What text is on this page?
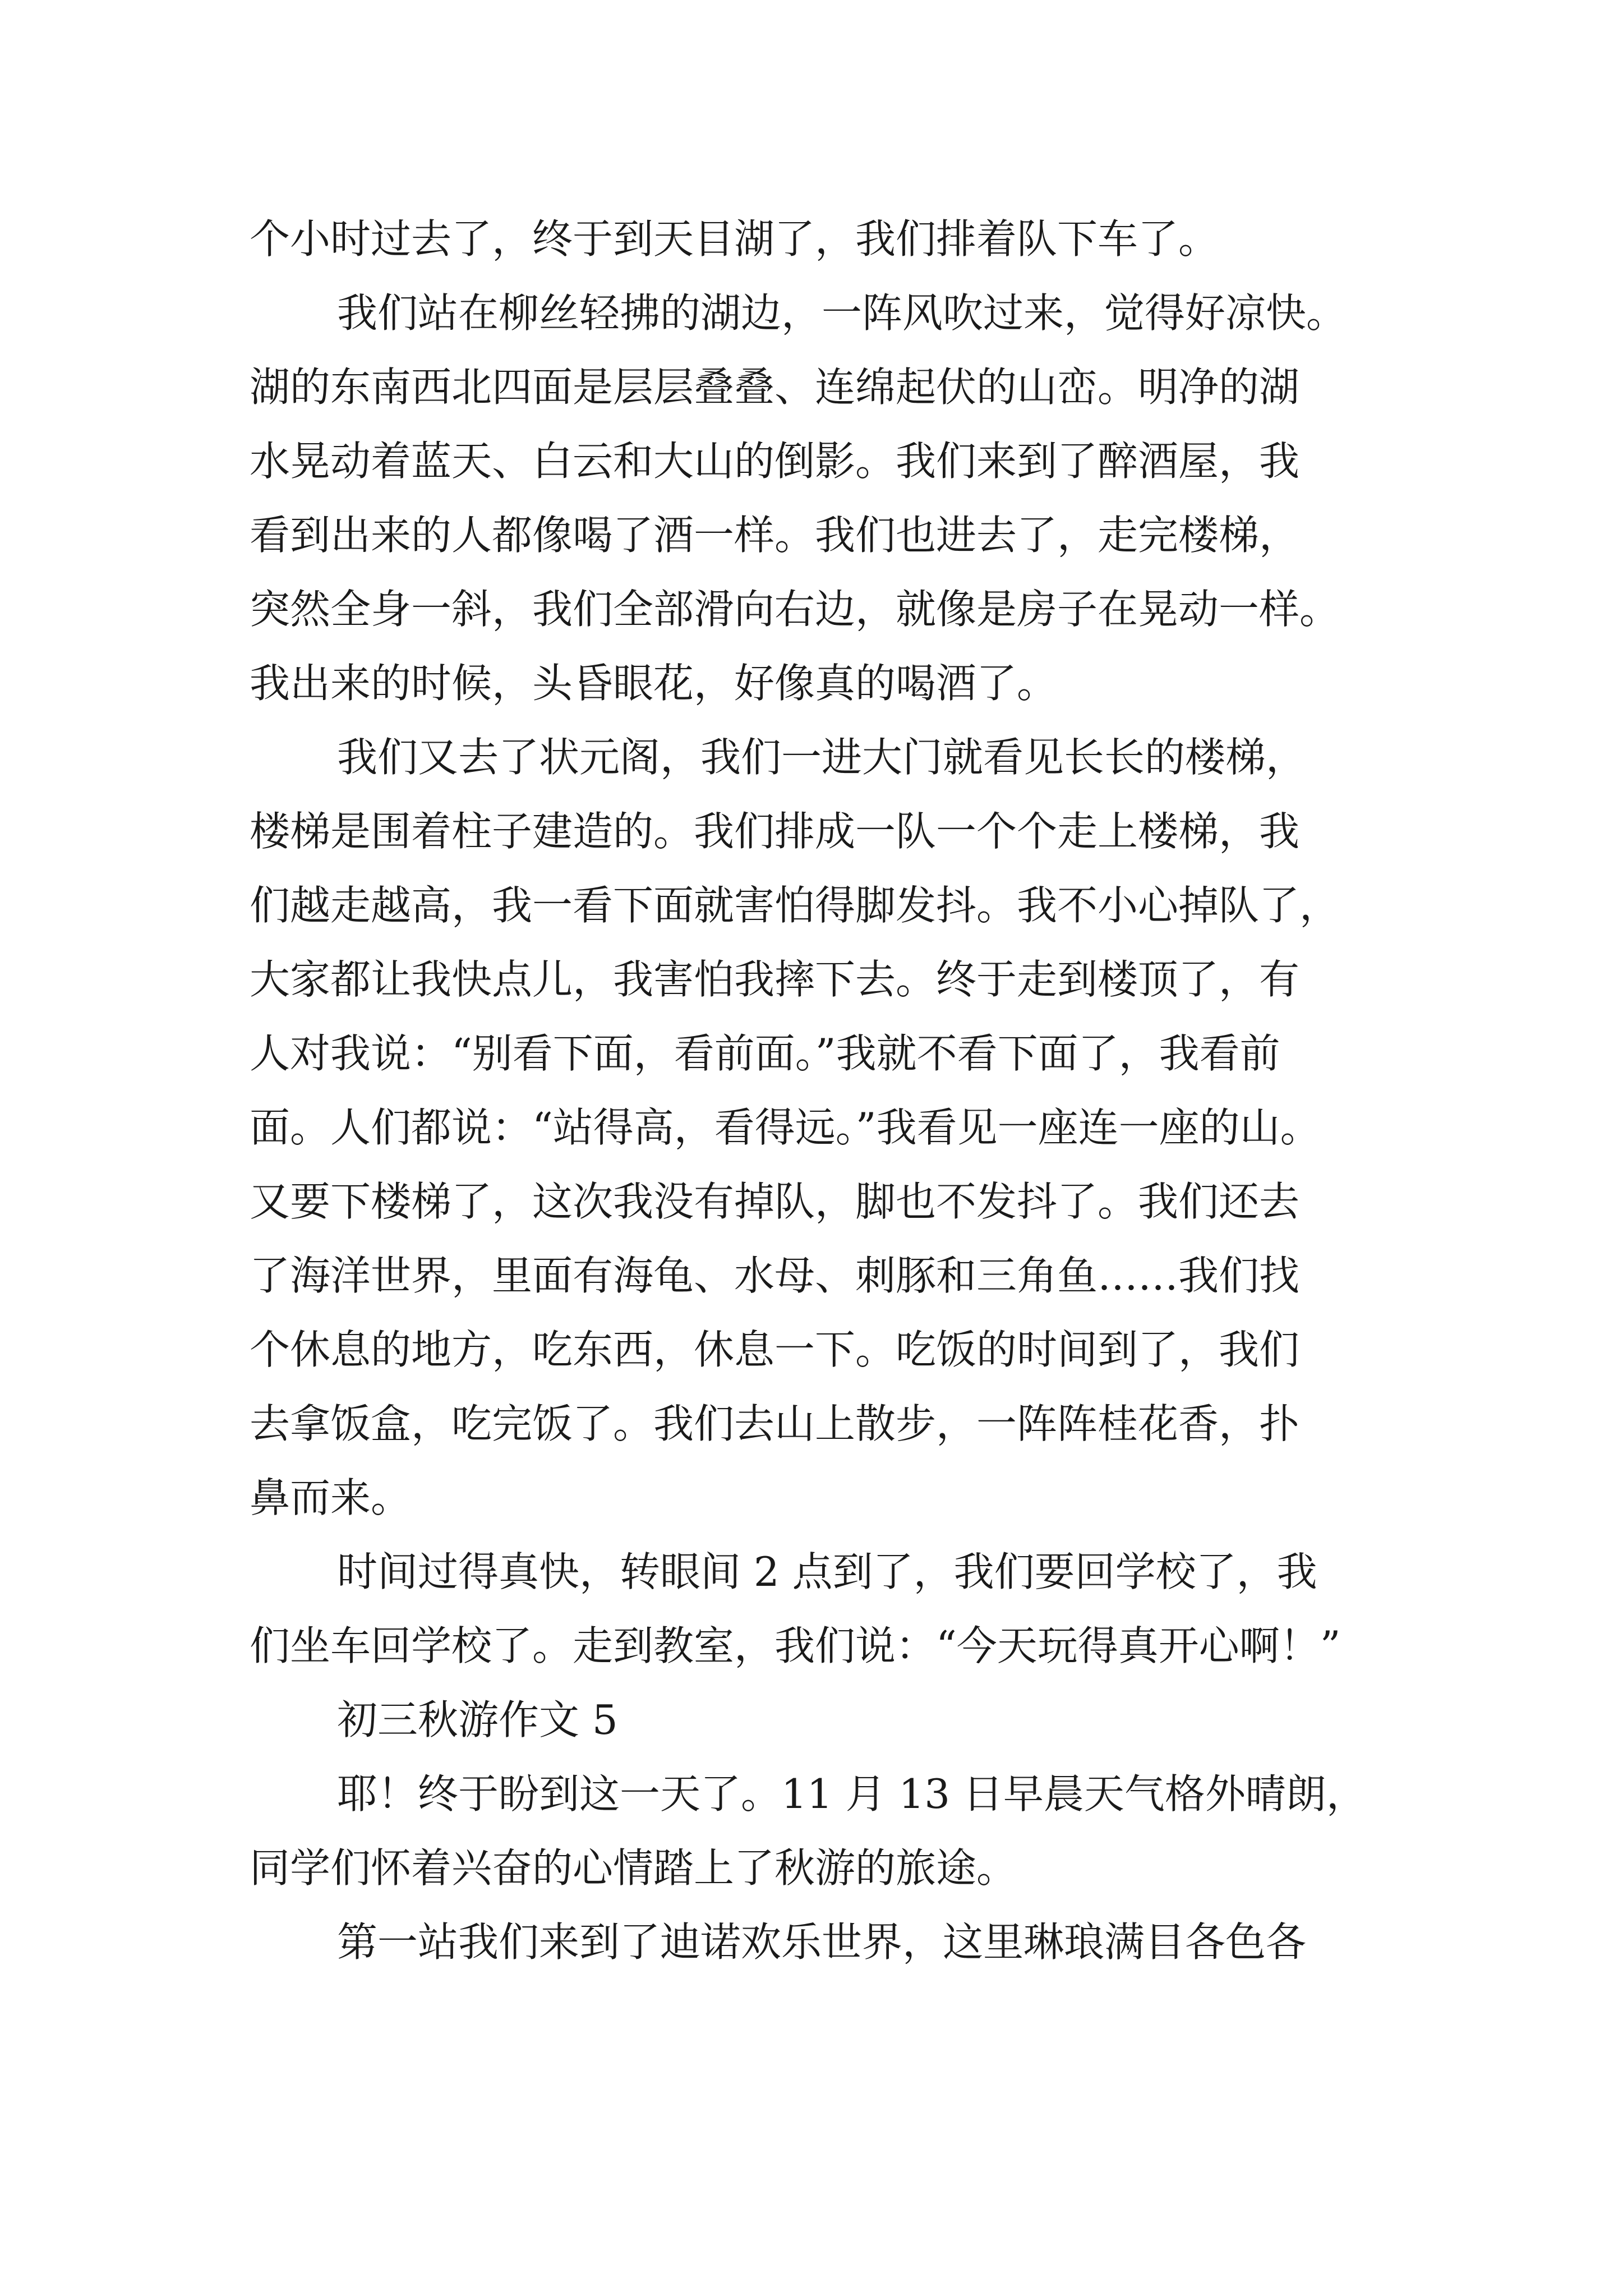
个小时过去了，终于到天目湖了，我们排着队下车了。
我们站在柳丝轻拂的湖边，一阵风吹过来，觉得好凉快。
湖的东南西北四面是层层叠叠、连绵起伏的山峦。明净的湖
水晃动着蓝天、白云和大山的倒影。我们来到了醉酒屋，我
看到出来的人都像喝了酒一样。我们也进去了，走完楼梯，
突然全身一斜，我们全部滑向右边，就像是房子在晃动一样。
我出来的时候，头昏眼花，好像真的喝酒了。
我们又去了状元阁，我们一进大门就看见长长的楼梯，
楼梯是围着柱子建造的。我们排成一队一个个走上楼梯，我
们越走越高，我一看下面就害怕得脚发抖。我不小心掉队了，
大家都让我快点儿，我害怕我摔下去。终于走到楼顶了，有
人对我说：“别看下面，看前面。”我就不看下面了，我看前
面。人们都说：“站得高，看得远。”我看见一座连一座的山。
又要下楼梯了，这次我没有掉队，脚也不发抖了。我们还去
了海洋世界，里面有海龟、水母、刺豚和三角鱼……我们找
个休息的地方，吃东西，休息一下。吃饭的时间到了，我们
去拿饭盒，吃完饭了。我们去山上散步，一阵阵桂花香，扑
鼻而来。
时间过得真快，转眼间 2 点到了，我们要回学校了，我
们坐车回学校了。走到教室，我们说：“今天玩得真开心啊！”
初三秋游作文 5
耶！终于盼到这一天了。11 月 13 日早晨天气格外晴朗，
同学们怀着兴奋的心情踏上了秋游的旅途。
第一站我们来到了迪诺欢乐世界，这里琳琅满目各色各
